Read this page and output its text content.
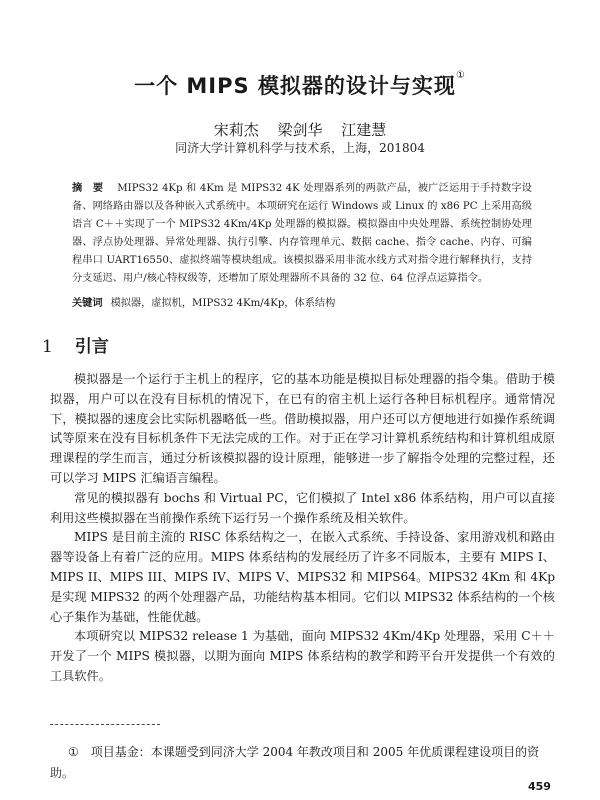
一个 MIPS 模拟器的设计与实现①
宋莉杰 梁剑华 江建慧
同济大学计算机科学与技术系，上海，201804
摘　要 MIPS32 4Kp 和 4Km 是 MIPS32 4K 处理器系列的两款产品，被广泛运用于手持数字设备、网络路由器以及各种嵌入式系统中。本项研究在运行 Windows 或 Linux 的 x86 PC 上采用高级语言 C＋＋实现了一个 MIPS32 4Km/4Kp 处理器的模拟器。模拟器由中央处理器、系统控制协处理器、浮点协处理器、异常处理器、执行引擎、内存管理单元、数据 cache、指令 cache、内存、可编程串口 UART16550、虚拟终端等模块组成。该模拟器采用非流水线方式对指令进行解释执行，支持分支延迟、用户/核心特权级等，还增加了原处理器所不具备的 32 位、64 位浮点运算指令。
关键词 模拟器，虚拟机，MIPS32 4Km/4Kp，体系结构
1 引言

模拟器是一个运行于主机上的程序，它的基本功能是模拟目标处理器的指令集。借助于模拟器，用户可以在没有目标机的情况下，在已有的宿主机上运行各种目标机程序。通常情况下，模拟器的速度会比实际机器略低一些。借助模拟器，用户还可以方便地进行如操作系统调试等原来在没有目标机条件下无法完成的工作。对于正在学习计算机系统结构和计算机组成原理课程的学生而言，通过分析该模拟器的设计原理，能够进一步了解指令处理的完整过程，还可以学习 MIPS 汇编语言编程。

常见的模拟器有 bochs 和 Virtual PC，它们模拟了 Intel x86 体系结构，用户可以直接利用这些模拟器在当前操作系统下运行另一个操作系统及相关软件。

MIPS 是目前主流的 RISC 体系结构之一，在嵌入式系统、手持设备、家用游戏机和路由器等设备上有着广泛的应用。MIPS 体系结构的发展经历了许多不同版本，主要有 MIPS I、MIPS II、MIPS III、MIPS IV、MIPS V、MIPS32 和 MIPS64。MIPS32 4Km 和 4Kp 是实现 MIPS32 的两个处理器产品，功能结构基本相同。它们以 MIPS32 体系结构的一个核心子集作为基础，性能优越。

本项研究以 MIPS32 release 1 为基础，面向 MIPS32 4Km/4Kp 处理器，采用 C＋＋开发了一个 MIPS 模拟器，以期为面向 MIPS 体系结构的教学和跨平台开发提供一个有效的工具软件。

① 项目基金：本课题受到同济大学 2004 年教改项目和 2005 年优质课程建设项目的资助。
459
